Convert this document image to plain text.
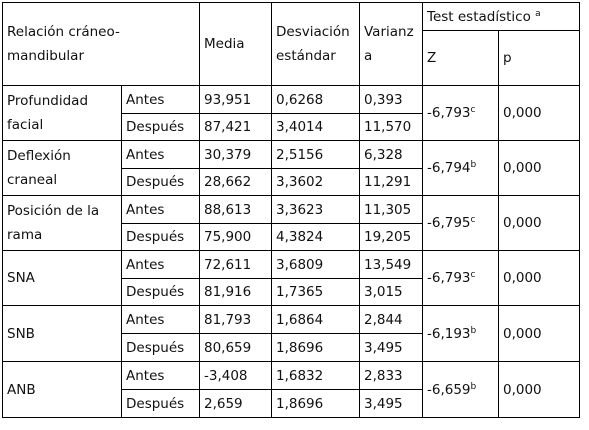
Relación cráneo-mandibular		Media	Desviación estándar	Varianza	Test estadístico $^a$
					Z	p
Profundidad facial	Antes	93,951	0,6268	0,393	-6,793$^c$	0,000
	Después	87,421	3,4014	11,570		
Deflexión craneal	Antes	30,379	2,5156	6,328	-6,794$^b$	0,000
	Después	28,662	3,3602	11,291		
Posición de la rama	Antes	88,613	3,3623	11,305	-6,795$^c$	0,000
	Después	75,900	4,3824	19,205		
SNA	Antes	72,611	3,6809	13,549	-6,793$^c$	0,000
	Después	81,916	1,7365	3,015		
SNB	Antes	81,793	1,6864	2,844	-6,193$^b$	0,000
	Después	80,659	1,8696	3,495		
ANB	Antes	-3,408	1,6832	2,833	-6,659$^b$	0,000
	Después	2,659	1,8696	3,495		
